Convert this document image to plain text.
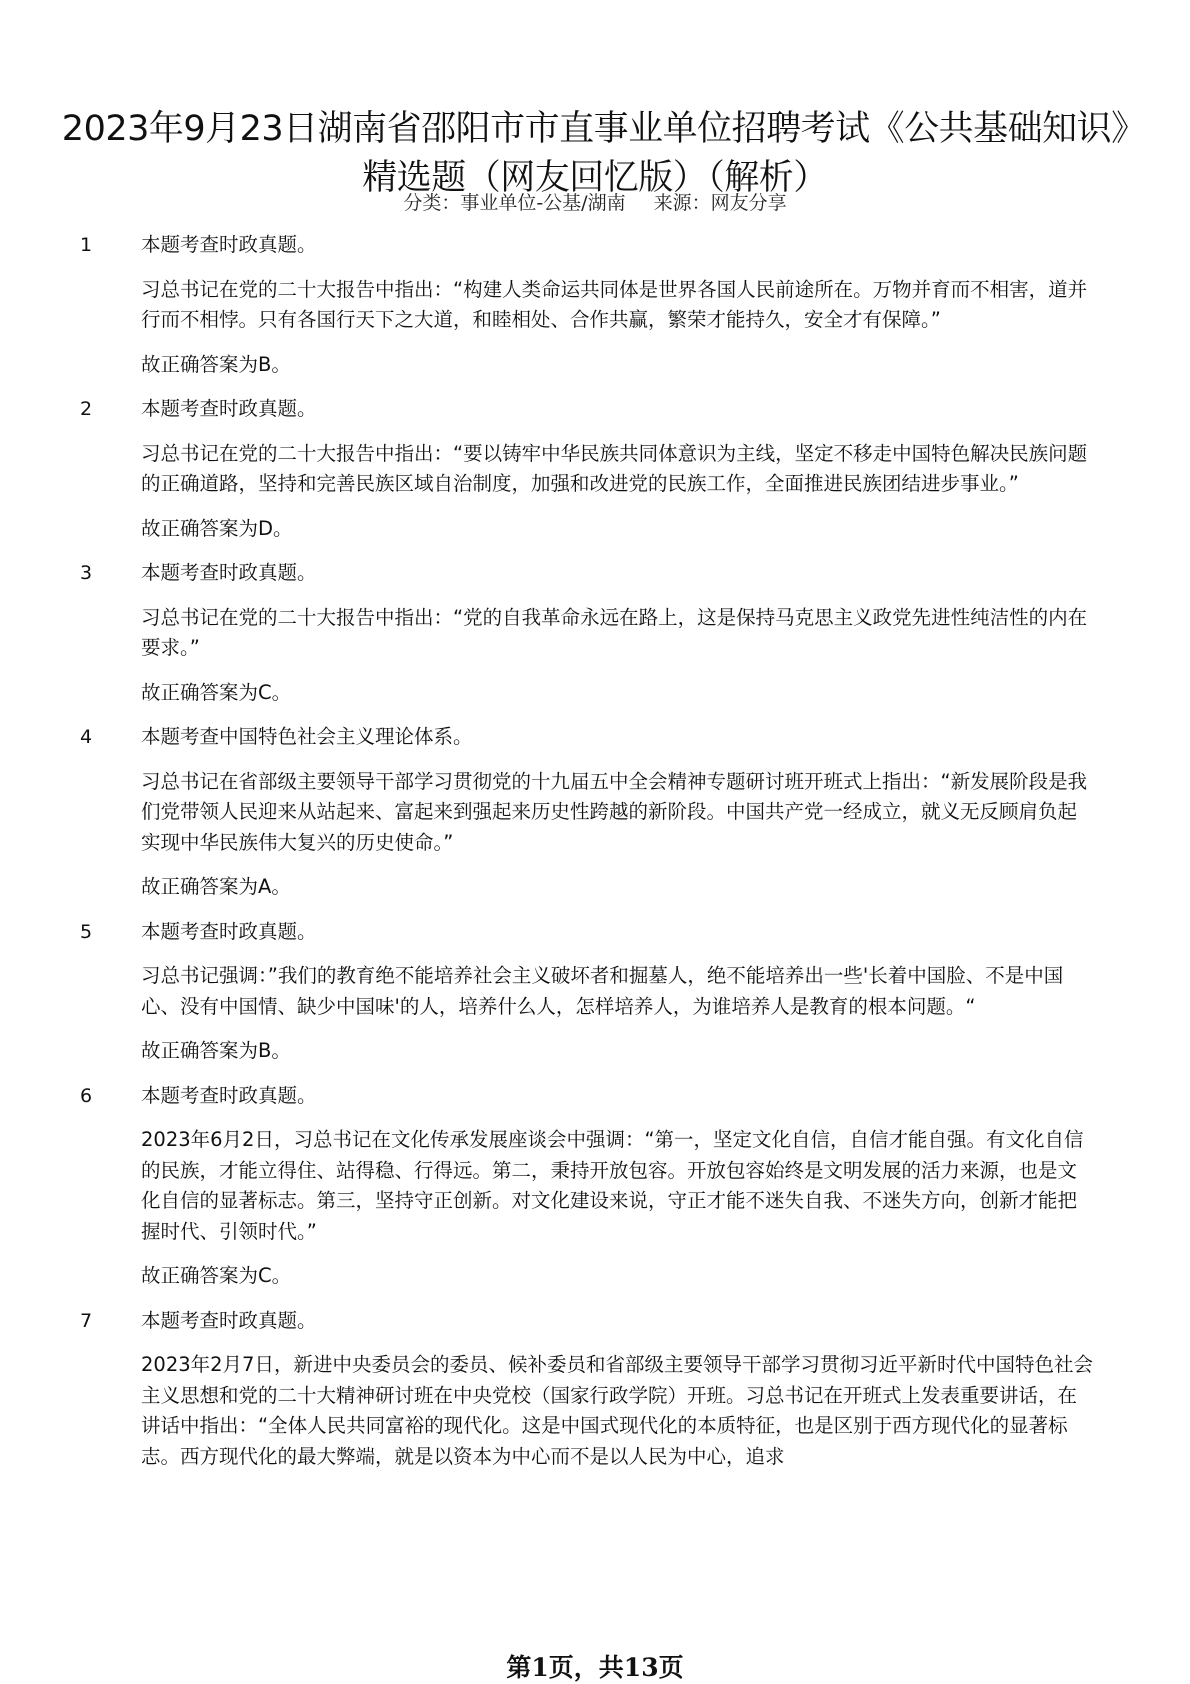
2023年9月23日湖南省邵阳市市直事业单位招聘考试《公共基础知识》精选题（网友回忆版）（解析）
分类：事业单位-公基/湖南 来源：网友分享
1	本题考查时政真题。

习总书记在党的二十大报告中指出：“构建人类命运共同体是世界各国人民前途所在。万物并育而不相害，道并行而不相悖。只有各国行天下之大道，和睦相处、合作共赢，繁荣才能持久，安全才有保障。”

故正确答案为B。

2	本题考查时政真题。

习总书记在党的二十大报告中指出：“要以铸牢中华民族共同体意识为主线，坚定不移走中国特色解决民族问题的正确道路，坚持和完善民族区域自治制度，加强和改进党的民族工作，全面推进民族团结进步事业。”

故正确答案为D。

3	本题考查时政真题。

习总书记在党的二十大报告中指出：“党的自我革命永远在路上，这是保持马克思主义政党先进性纯洁性的内在要求。”

故正确答案为C。

4	本题考查中国特色社会主义理论体系。

习总书记在省部级主要领导干部学习贯彻党的十九届五中全会精神专题研讨班开班式上指出：“新发展阶段是我们党带领人民迎来从站起来、富起来到强起来历史性跨越的新阶段。中国共产党一经成立，就义无反顾肩负起实现中华民族伟大复兴的历史使命。”

故正确答案为A。

5	本题考查时政真题。

习总书记强调：”我们的教育绝不能培养社会主义破坏者和掘墓人，绝不能培养出一些'长着中国脸、不是中国心、没有中国情、缺少中国味'的人，培养什么人，怎样培养人，为谁培养人是教育的根本问题。“

故正确答案为B。

6	本题考查时政真题。

2023年6月2日，习总书记在文化传承发展座谈会中强调：“第一，坚定文化自信，自信才能自强。有文化自信的民族，才能立得住、站得稳、行得远。第二，秉持开放包容。开放包容始终是文明发展的活力来源，也是文化自信的显著标志。第三，坚持守正创新。对文化建设来说，守正才能不迷失自我、不迷失方向，创新才能把握时代、引领时代。”

故正确答案为C。

7	本题考查时政真题。

2023年2月7日，新进中央委员会的委员、候补委员和省部级主要领导干部学习贯彻习近平新时代中国特色社会主义思想和党的二十大精神研讨班在中央党校（国家行政学院）开班。习总书记在开班式上发表重要讲话，在讲话中指出：“全体人民共同富裕的现代化。这是中国式现代化的本质特征，也是区别于西方现代化的显著标志。西方现代化的最大弊端，就是以资本为中心而不是以人民为中心，追求

第1页，共13页
